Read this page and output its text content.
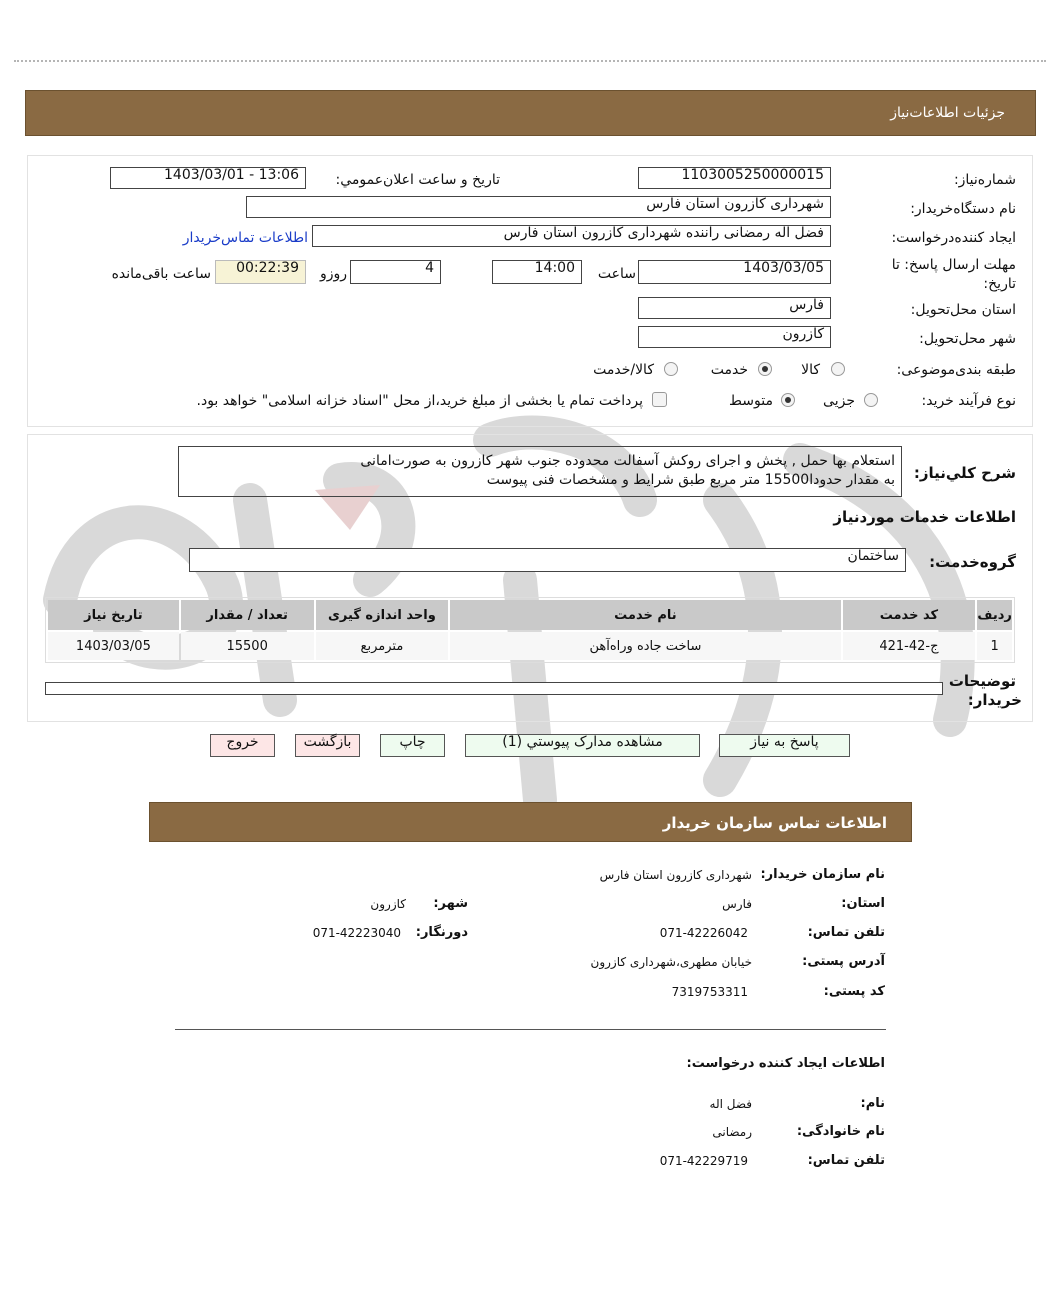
جزئیات اطلاعات‌نیاز
شماره‌نیاز:
1103005250000015
تاریخ و ساعت اعلان‌عمومي:
1403/03/01 - 13:06
نام دستگاه‌خریدار:
شهرداری کازرون استان فارس
ایجاد کننده‌درخواست:
فضل اله رمضانی راننده شهرداری کازرون استان فارس
اطلاعات تماس‌خریدار
مهلت ارسال پاسخ: تا
تاریخ:
1403/03/05
ساعت
14:00
4
روزو
00:22:39
ساعت باقی‌مانده
استان محل‌تحویل:
فارس
شهر محل‌تحویل:
کازرون
طبقه بندی‌موضوعی:
کالا
خدمت
کالا/خدمت
نوع فرآیند خرید:
جزیی
متوسط
پرداخت تمام یا بخشی از مبلغ خرید،از محل "اسناد خزانه اسلامی" خواهد بود.
شرح کلي‌نیاز:
استعلام بها حمل , پخش و اجرای روکش آسفالت محدوده جنوب شهر کازرون به صورت‌امانی
به مقدار حدودا15500 متر مربع طبق شرایط و مشخصات فنی پیوست
اطلاعات خدمات موردنیاز
گروه‌خدمت:
ساختمان
ردیف	کد خدمت	نام خدمت	واحد اندازه گیری	تعداد / مقدار	تاریخ نیاز
1	ج-42-421	ساخت جاده وراه‌آهن	مترمربع	15500	1403/03/05
توضیحات
خریدار:
پاسخ به نیاز
مشاهده مدارک پیوستي (1)
چاپ
بازگشت
خروج
اطلاعات تماس سازمان خریدار
نام سازمان خریدار:
شهرداری کازرون استان فارس
استان:
فارس
شهر:
کازرون
تلفن تماس:
071-42226042
دورنگار:
071-42223040
آدرس پستی:
خیابان مطهری،شهرداری کازرون
کد پستی:
7319753311
اطلاعات ایجاد کننده درخواست:
نام:
فضل اله
نام خانوادگی:
رمضانی
تلفن تماس:
071-42229719
